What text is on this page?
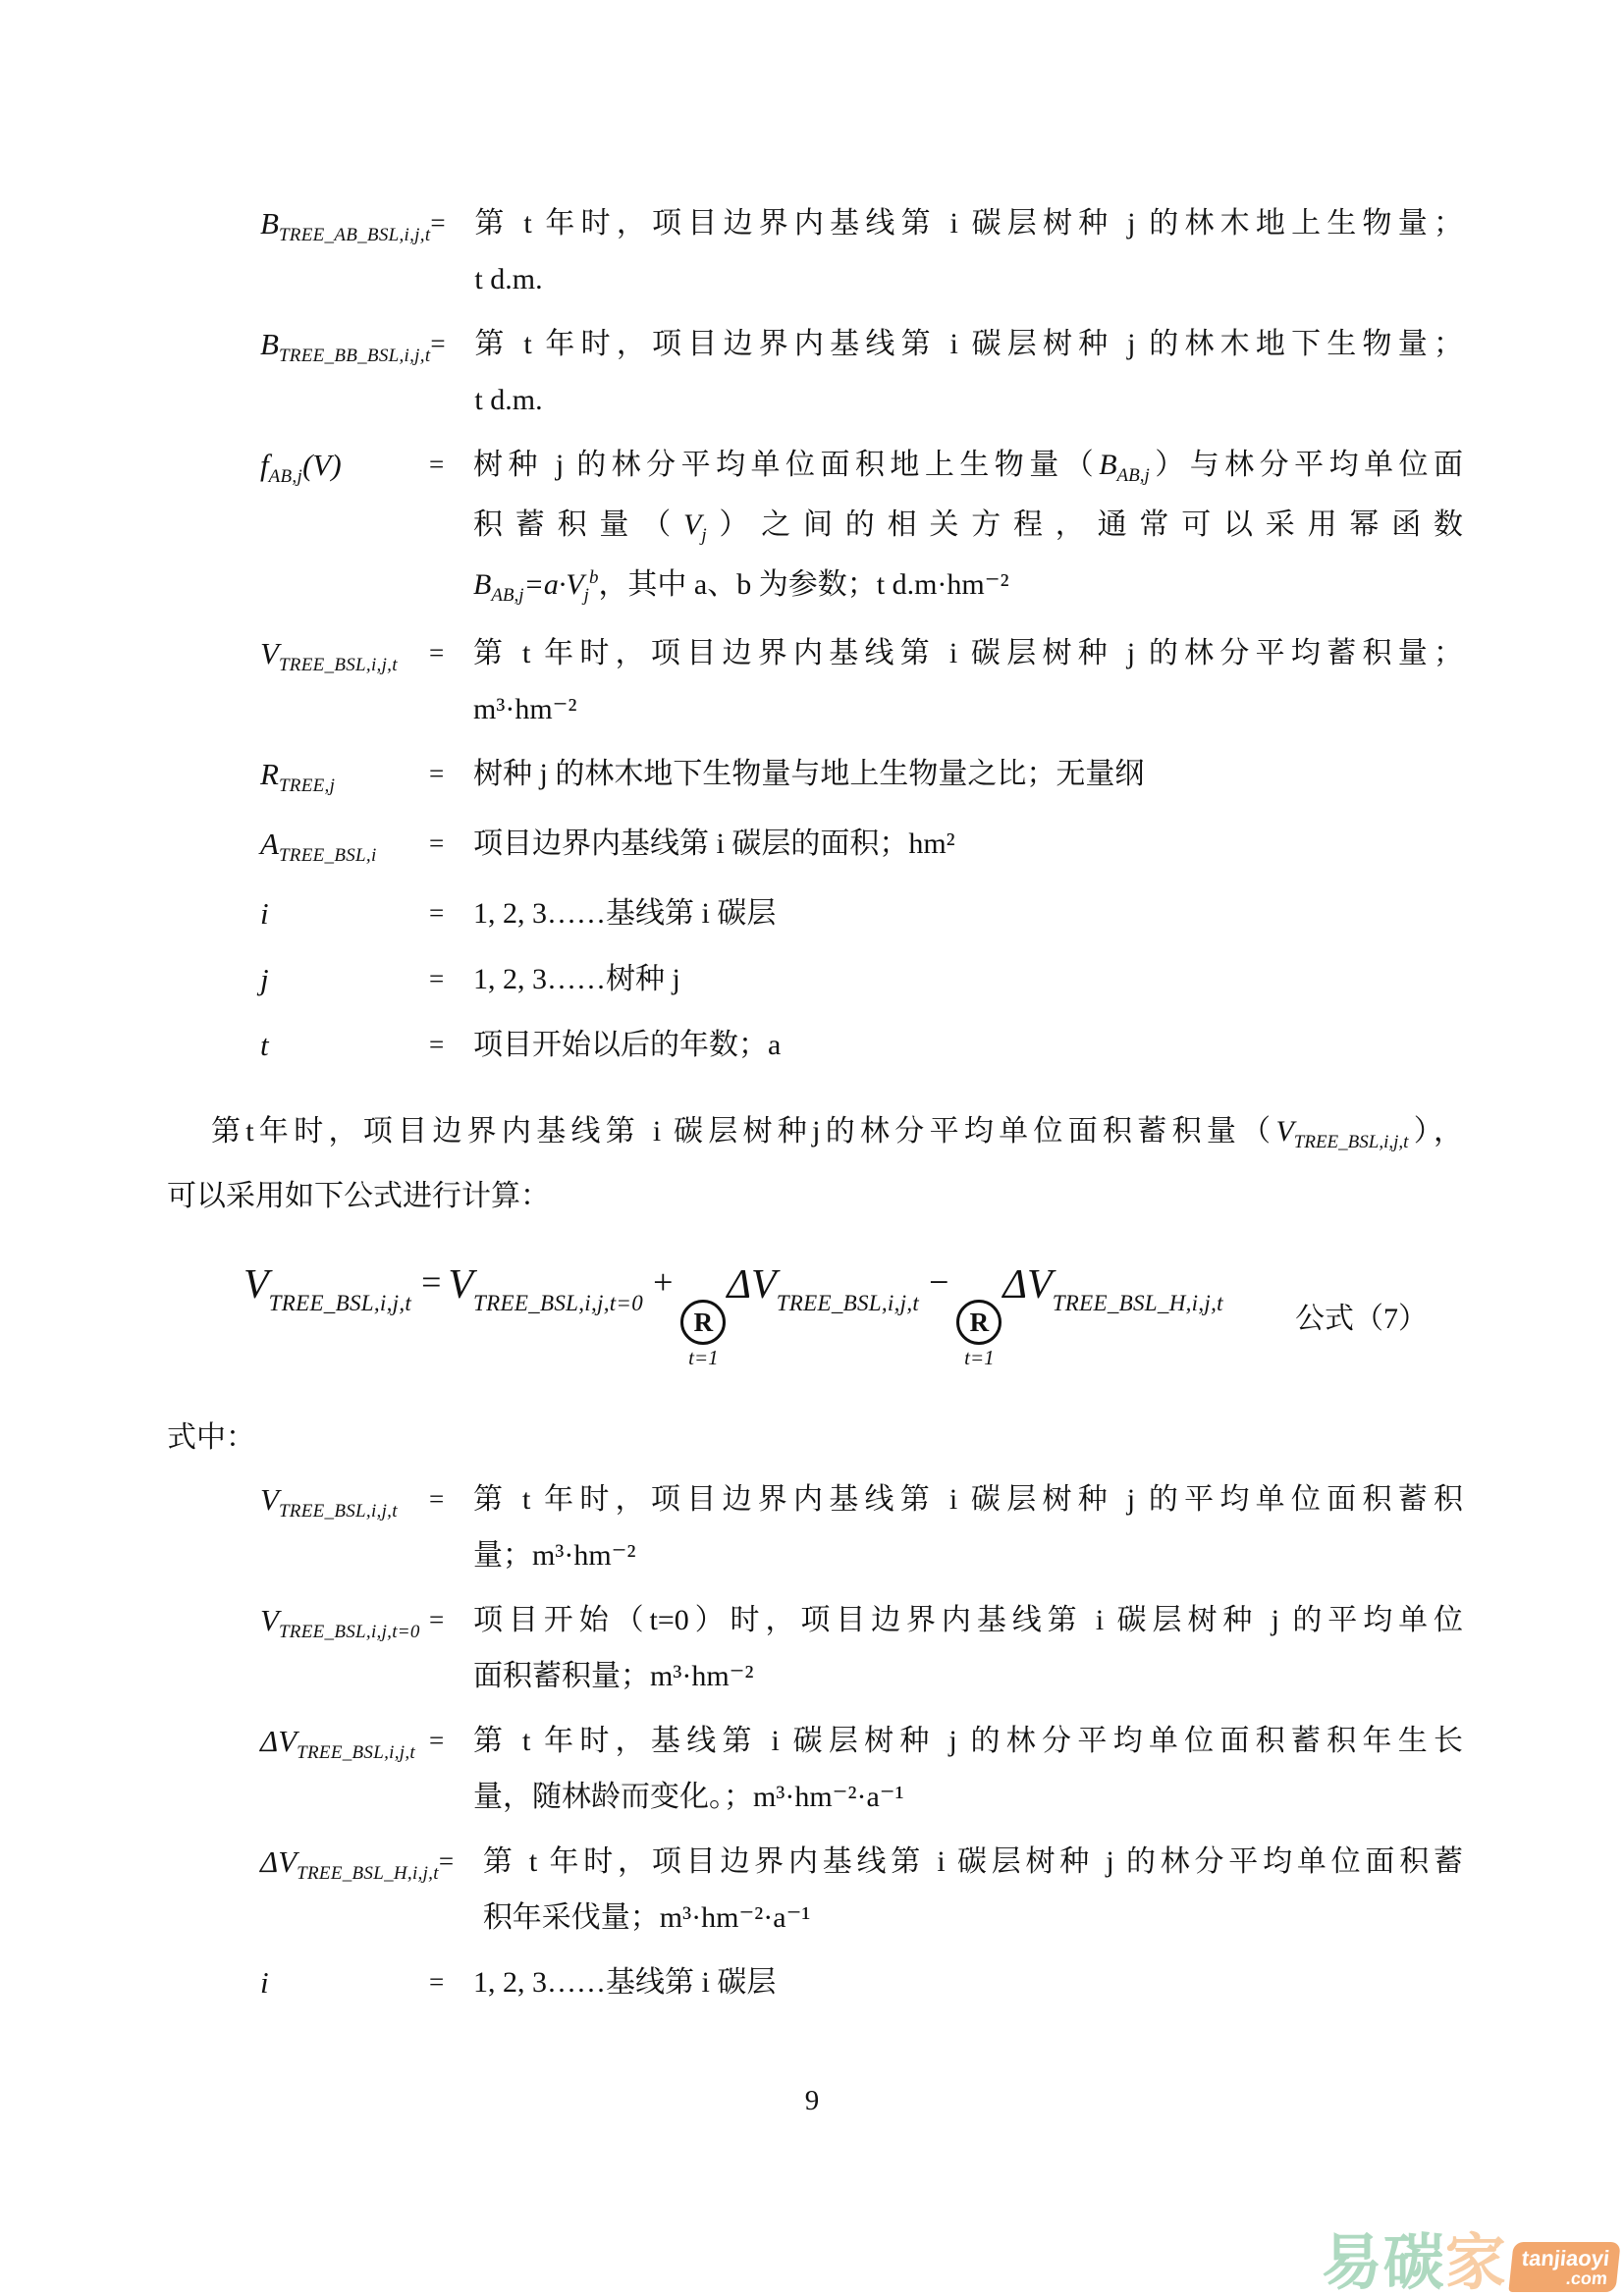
$B_{TREE\_AB\_BSL,i,j,t}$ = 第 t 年时，项目边界内基线第 i 碳层树种 j 的林木地上生物量；
t d.m.
$B_{TREE\_BB\_BSL,i,j,t}$ = 第 t 年时，项目边界内基线第 i 碳层树种 j 的林木地下生物量；
t d.m.
$f_{AB,j}(V)$	= 树种 j 的林分平均单位面积地上生物量$(B_{AB,j})$与林分平均单位面
积蓄积量$(V_j)$之间的相关方程，通常可以采用幂函数
$B_{AB,j}=a\cdot V_j^b$，其中 a、b 为参数；t d.m·hm⁻²
$V_{TREE\_BSL,i,j,t}$	= 第 t 年时，项目边界内基线第 i 碳层树种 j 的林分平均蓄积量；
m³·hm⁻²
$R_{TREE,j}$	= 树种 j 的林木地下生物量与地上生物量之比；无量纲
$A_{TREE\_BSL,i}$	= 项目边界内基线第 i 碳层的面积；hm²
i	= 1, 2, 3……基线第 i 碳层
j	= 1, 2, 3……树种 j
t	= 项目开始以后的年数；a
第t年时，项目边界内基线第 i 碳层树种j的林分平均单位面积蓄积量$(V_{TREE\_BSL,i,j,t})$，
可以采用如下公式进行计算：
$V_{TREE\_BSL,i,j,t}= V_{TREE\_BSL,i,j,t=0}+$
R
t=1
$\Delta V_{TREE\_BSL,i,j,t}-$
R
t=1
$\Delta V_{TREE\_BSL\_H,i,j,t}$ 公式（7）
式中：
$V_{TREE\_BSL,i,j,t}$	= 第 t 年时，项目边界内基线第 i 碳层树种 j 的平均单位面积蓄积
量；m³·hm⁻²
$V_{TREE\_BSL,i,j,t=0}$ = 项目开始（t=0）时，项目边界内基线第 i 碳层树种 j 的平均单位
面积蓄积量；m³·hm⁻²
$\Delta V_{TREE\_BSL,i,j,t}$ = 第 t 年时，基线第 i 碳层树种 j 的林分平均单位面积蓄积年生长
量，随林龄而变化。；m³·hm⁻²·a⁻¹
$\Delta V_{TREE\_BSL\_H,i,j,t}$ = 第 t 年时，项目边界内基线第 i 碳层树种 j 的林分平均单位面积蓄
积年采伐量；m³·hm⁻²·a⁻¹
i	= 1, 2, 3……基线第 i 碳层
9
易 碳 家 tanjiaoyi
.com
